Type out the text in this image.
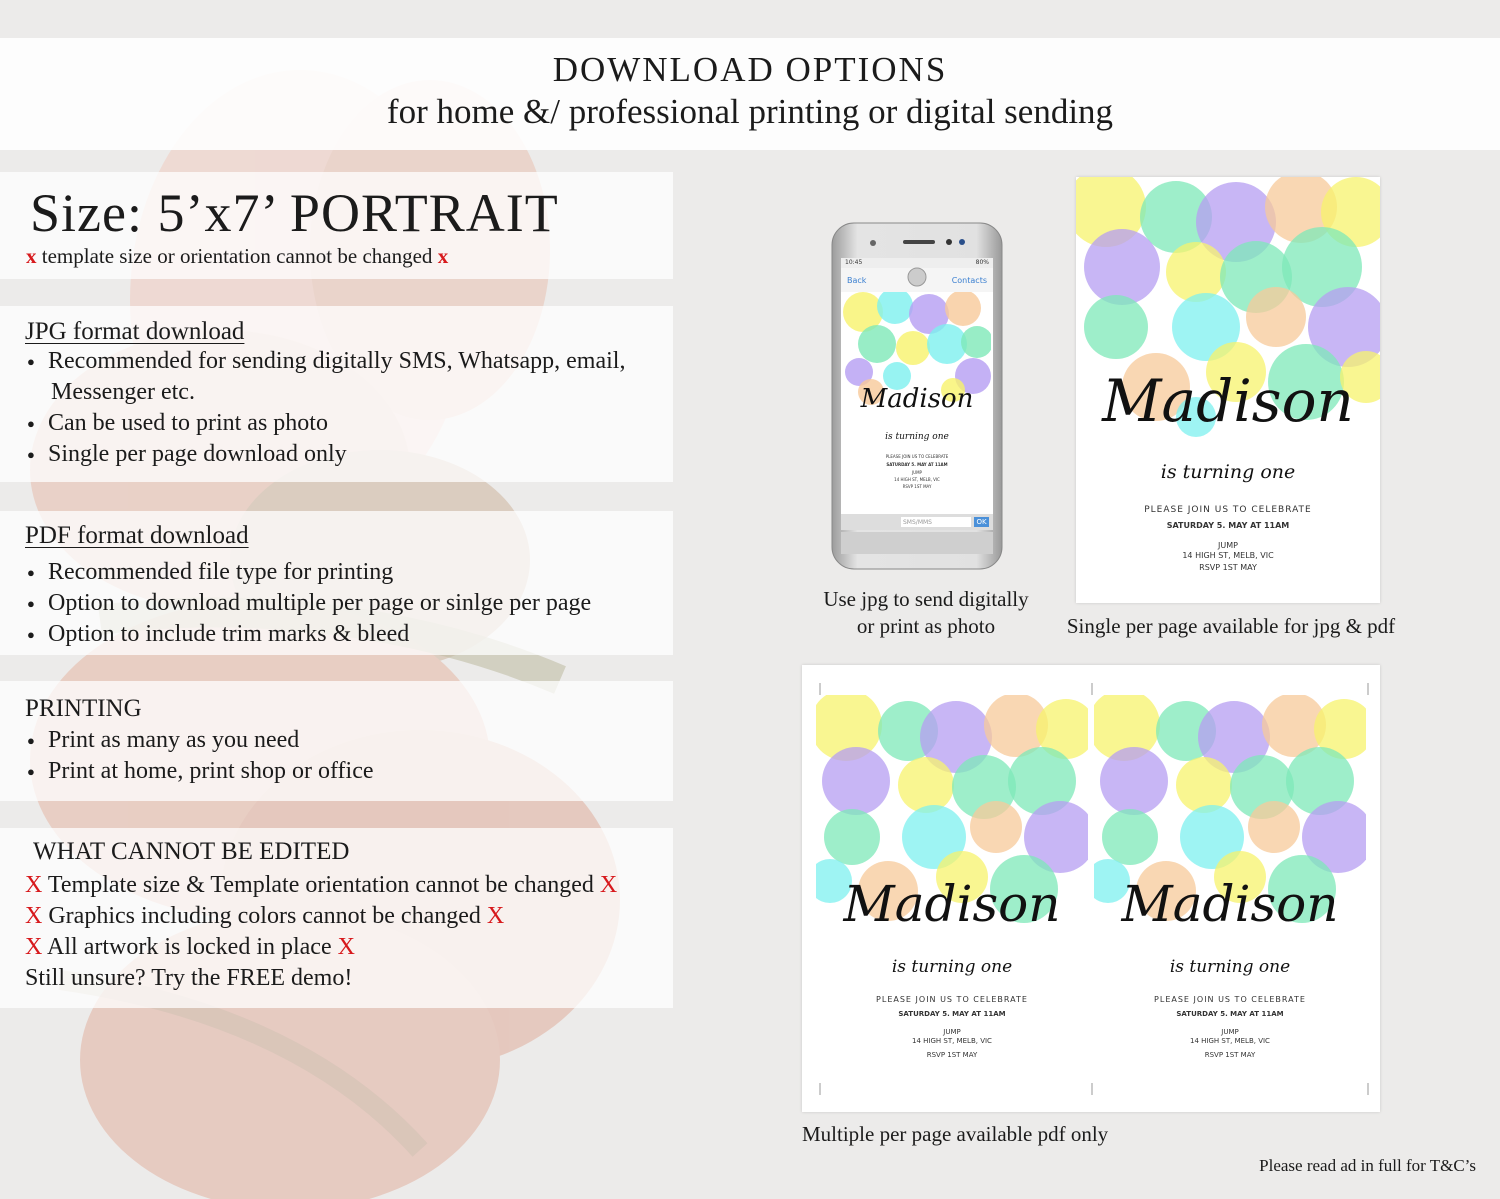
DOWNLOAD OPTIONS
for home &/ professional printing or digital sending
Size: 5’x7’ PORTRAIT
x template size or orientation cannot be changed x
JPG format download
● Recommended for sending digitally SMS, Whatsapp, email,
Messenger etc.
● Can be used to print as photo
● Single per page download only
PDF format download
● Recommended file type for printing
● Option to download multiple per page or sinlge per page
● Option to include trim marks & bleed
PRINTING
● Print as many as you need
● Print at home, print shop or office
WHAT CANNOT BE EDITED
X Template size & Template orientation cannot be changed X
X Graphics including colors cannot be changed X
X All artwork is locked in place X
Still unsure? Try the FREE demo!
10:45	80%
Back	Contacts
Madison
is turning one
PLEASE JOIN US TO CELEBRATE
SATURDAY 5. MAY AT 11AM
JUMP
14 HIGH ST, MELB, VIC
RSVP 1ST MAY
SMS/MMS	OK
Use jpg to send digitally
or print as photo
Madison
is turning one
PLEASE JOIN US TO CELEBRATE
SATURDAY 5. MAY AT 11AM
JUMP
14 HIGH ST, MELB, VIC
RSVP 1ST MAY
Single per page available for jpg & pdf
Madison
is turning one
PLEASE JOIN US TO CELEBRATE
SATURDAY 5. MAY AT 11AM
JUMP
14 HIGH ST, MELB, VIC
RSVP 1ST MAY
Madison
is turning one
PLEASE JOIN US TO CELEBRATE
SATURDAY 5. MAY AT 11AM
JUMP
14 HIGH ST, MELB, VIC
RSVP 1ST MAY
Multiple per page available pdf only
Please read ad in full for T&C’s
